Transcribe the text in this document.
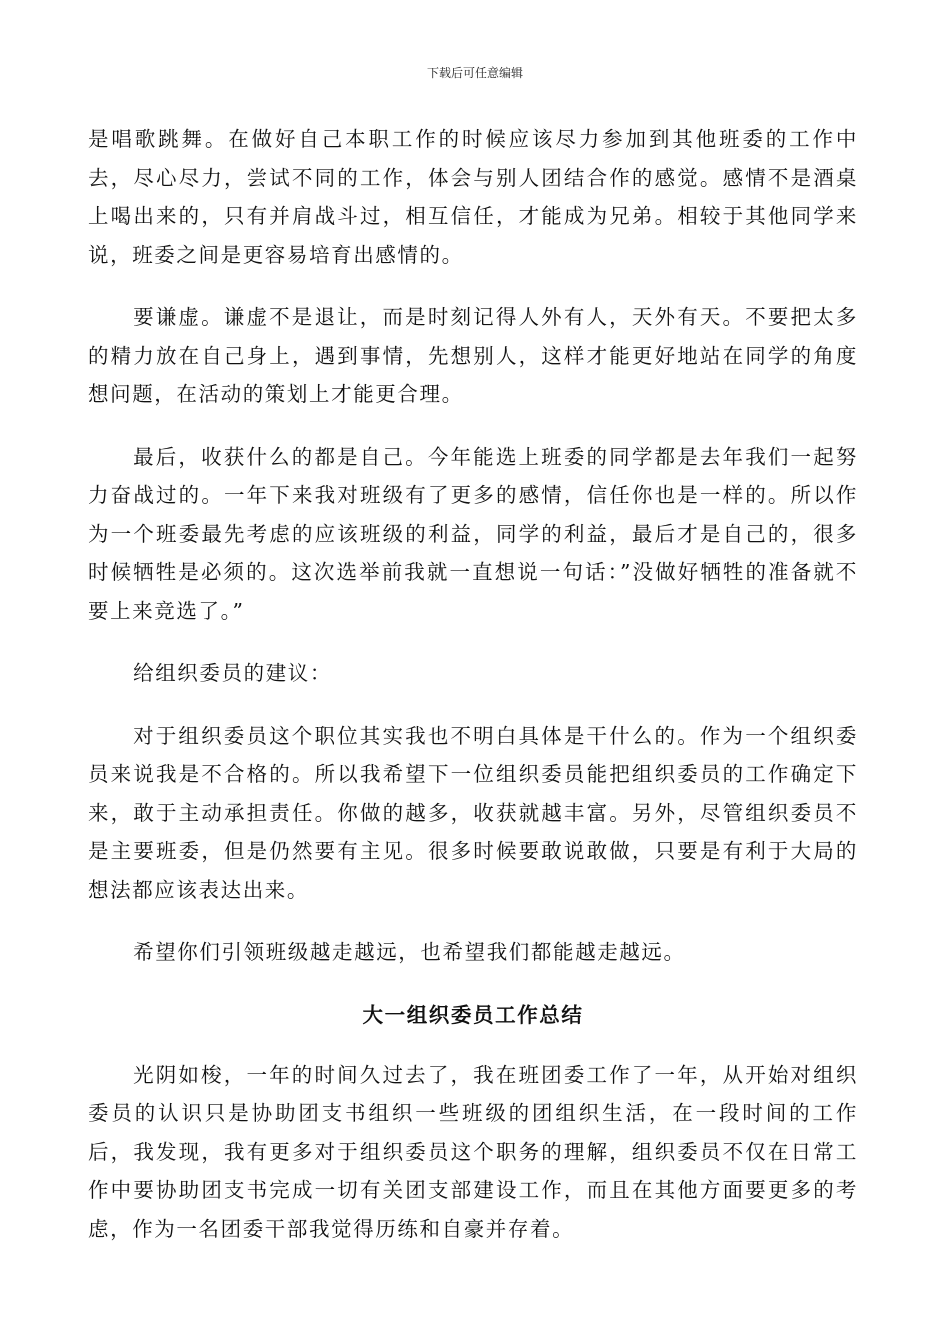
下载后可任意编辑

是唱歌跳舞。在做好自己本职工作的时候应该尽力参加到其他班委的工作中去，尽心尽力，尝试不同的工作，体会与别人团结合作的感觉。感情不是酒桌上喝出来的，只有并肩战斗过，相互信任，才能成为兄弟。相较于其他同学来说，班委之间是更容易培育出感情的。

要谦虚。谦虚不是退让，而是时刻记得人外有人，天外有天。不要把太多的精力放在自己身上，遇到事情，先想别人，这样才能更好地站在同学的角度想问题，在活动的策划上才能更合理。

最后，收获什么的都是自己。今年能选上班委的同学都是去年我们一起努力奋战过的。一年下来我对班级有了更多的感情，信任你也是一样的。所以作为一个班委最先考虑的应该班级的利益，同学的利益，最后才是自己的，很多时候牺牲是必须的。这次选举前我就一直想说一句话：”没做好牺牲的准备就不要上来竞选了。”

给组织委员的建议：

对于组织委员这个职位其实我也不明白具体是干什么的。作为一个组织委员来说我是不合格的。所以我希望下一位组织委员能把组织委员的工作确定下来，敢于主动承担责任。你做的越多，收获就越丰富。另外，尽管组织委员不是主要班委，但是仍然要有主见。很多时候要敢说敢做，只要是有利于大局的想法都应该表达出来。

希望你们引领班级越走越远，也希望我们都能越走越远。

大一组织委员工作总结

光阴如梭，一年的时间久过去了，我在班团委工作了一年，从开始对组织委员的认识只是协助团支书组织一些班级的团组织生活，在一段时间的工作后，我发现，我有更多对于组织委员这个职务的理解，组织委员不仅在日常工作中要协助团支书完成一切有关团支部建设工作，而且在其他方面要更多的考虑，作为一名团委干部我觉得历练和自豪并存着。
